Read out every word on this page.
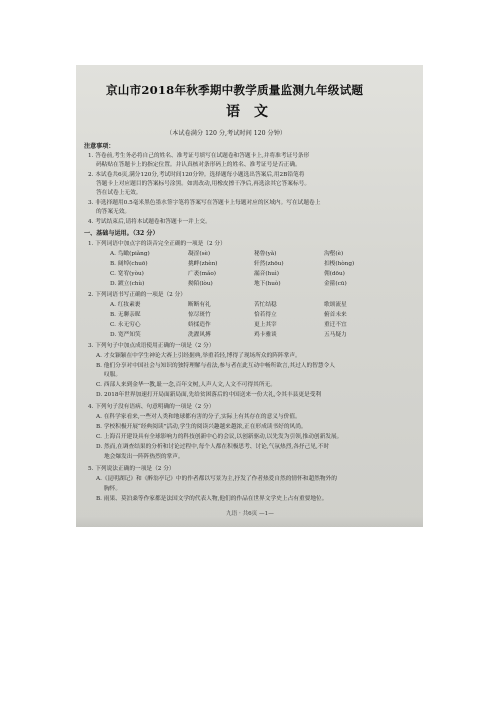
京山市2018年秋季期中教学质量监测九年级试题
语文
（本试卷满分 120 分,考试时间 120 分钟）
注意事项：
1. 答卷前,考生务必将自己的姓名、准考证号填写在试题卷和答题卡上,并将准考证号条形
码粘贴在答题卡上的指定位置。并认真核对条形码上的姓名、准考证号是否正确。
2. 本试卷共6页,满分120分,考试时间120分钟。选择题每小题选出答案后,用2B铅笔将
答题卡上对应题目的答案标号涂黑。如需改动,用橡皮擦干净后,再选涂其它答案标号。
答在试卷上无效。
3. 非选择题用0.5毫米黑色墨水签字笔将答案写在答题卡上每题对应的区域内。写在试题卷上
的答案无效。
4. 考试结束后,请将本试题卷和答题卡一并上交。
一、基础与运用。（32 分）
1. 下列词语中加点字的读音完全正确的一项是（2 分）
A. 鸟瞰(piǎng)	凝涩(sè)	秘鲁(yǎ)	沟壑(è)
B. 阔绰(chuō)	挑衅(zhèn)	轩然(zhōu)	扣梭(hòng)
C. 宽宥(yòu)	广袤(mǎo)	漏音(huì)	佣(dōu)
D. 踱立(chù)	拗陌(lòu)	地下(huò)	金箍(cū)
2. 下列词语书写正确的一项是（2 分）
A. 红妆素裹	断断有礼	苦忙结稳	歌颂流星
B. 无聊亲昵	惊尽斑竹	恰若得立	俯首未来
C. 永无穷心	娇揉造作	更上其宰	重迁不宜
D. 宽严知笑	洗濯风搏	鸡卡雅谈	五马疑力
3. 下列句子中加点成语使用正确的一项是（2 分）
A. 才女颖颖在中学生神论大赛上引经据典,举重若轻,博得了现场所众的阵阵掌声。
B. 他们分享对中国社会与知识的独特理解与看法,参与者在此互动中畅所欲言,其过人的智慧令人
叹服。
C. 西部人来到金华一教,耻一念,百年文树,人声人文,人文不可得其所无。
D. 2018年世界加速打开局面新局面,先给贫困落后的中国送来一份大礼,令其丰县更是受利
4. 下列句子没有语病、句意明确的一项是（2 分）
A. 在科学家看来,一些对人类和地球都有害的分子,实际上有其存在的意义与价值。
B. 学校积极开展“经典阅读”活动,学生的阅读兴趣越来越浓,正在形成读书好的风尚。
C. 上海召开建设具有全球影响力的科技创新中心的会议,以创新驱动,以先发为引领,推动创新发展。
D. 然而,在调查结果的分析和讨论过程中,每个人都在积极思考、讨论,气氛热烈,各抒己见,不时
地会爆发出一阵阵热烈的掌声。
5. 下列说法正确的一项是（2 分）
A.《昆明湖记》和《醉翁亭记》中的作者都以写景为主,抒发了作者热爱自然的情怀和超然物外的
胸怀。
B. 雨果、莫泊桑等作家都是法国文学的代表人物,他们的作品在世界文学史上占有重要地位。
九语 · 共6页 —1—
